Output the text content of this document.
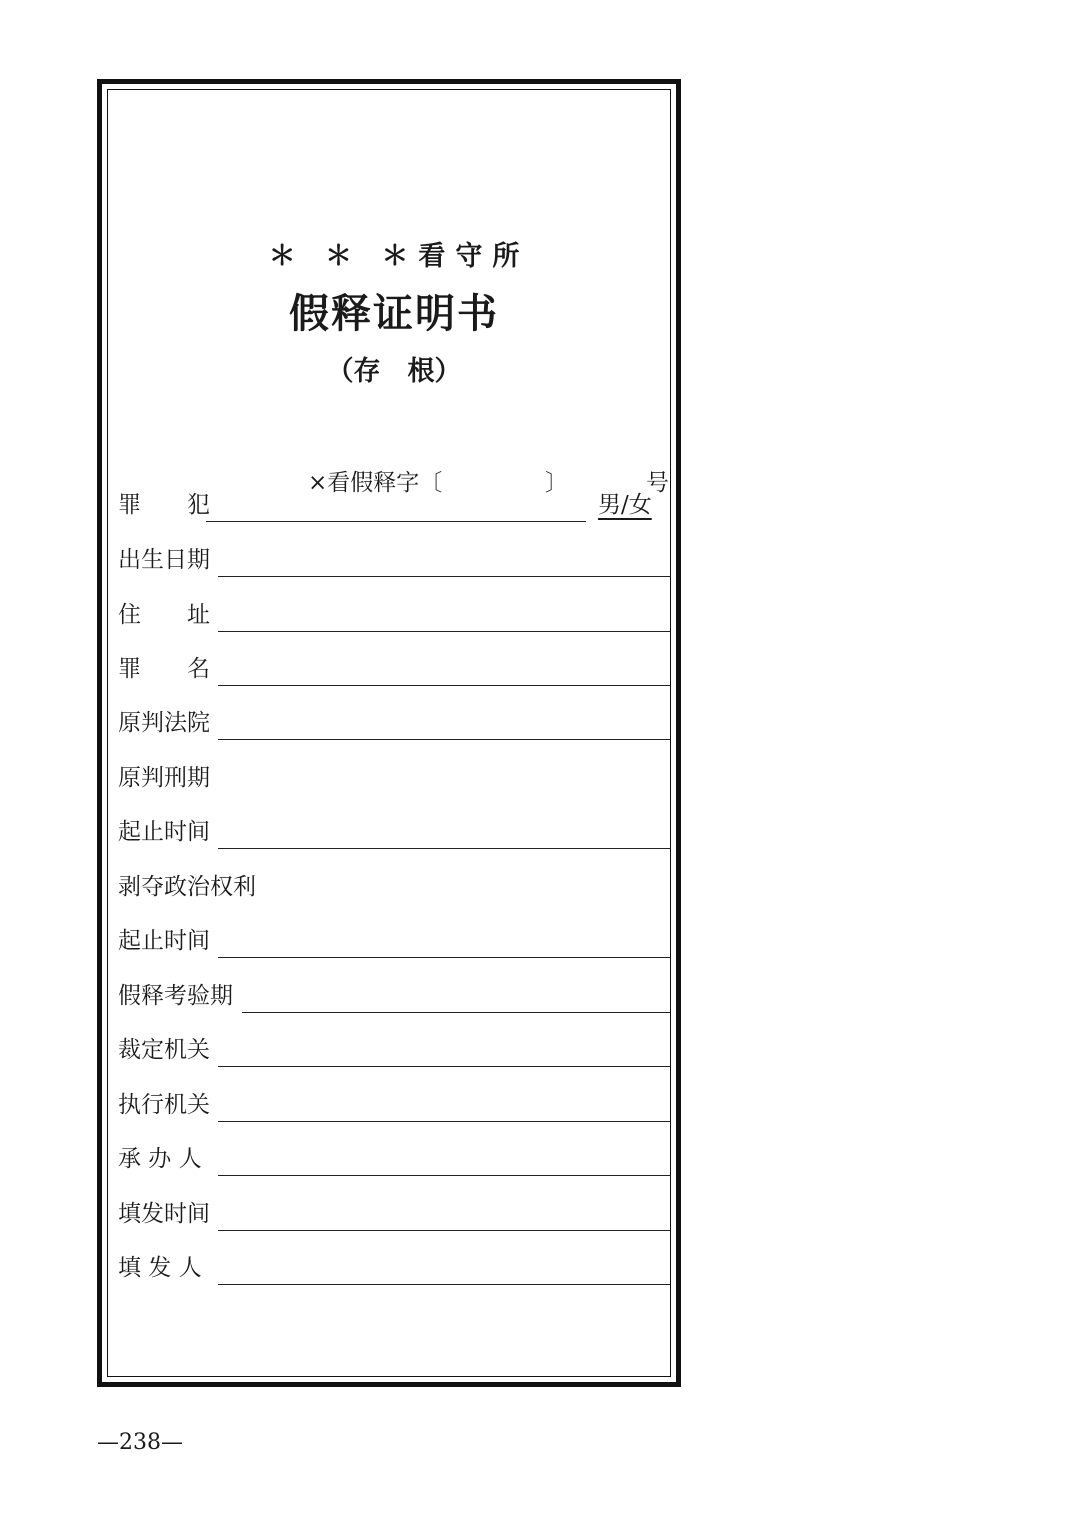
＊ ＊ ＊看守所
假释证明书
（存　根）
×看假释字〔	〕	号
罪　　犯	男/女
出生日期
住　　址
罪　　名
原判法院
原判刑期
起止时间
剥夺政治权利
起止时间
假释考验期
裁定机关
执行机关
承 办 人
填发时间
填 发 人
—238—
